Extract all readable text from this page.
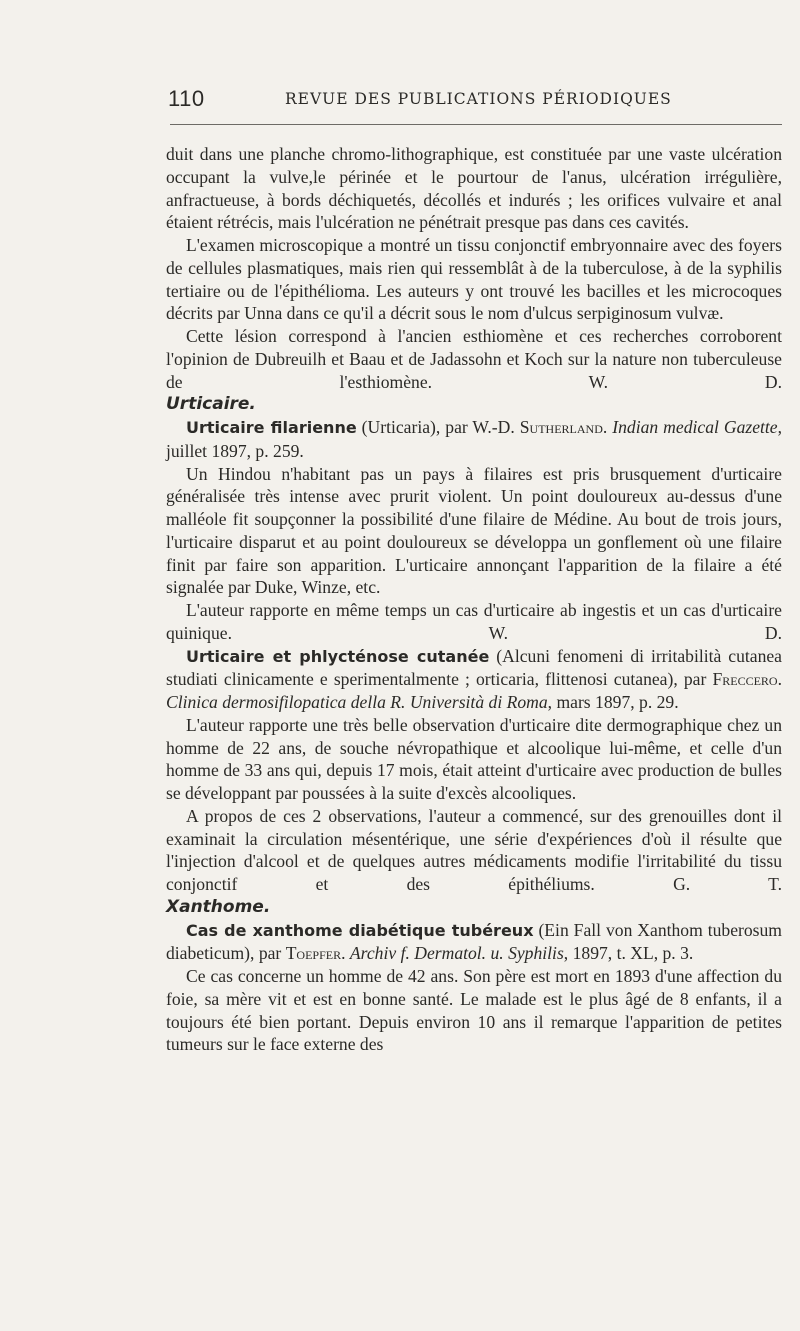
110	REVUE DES PUBLICATIONS PÉRIODIQUES

duit dans une planche chromo-lithographique, est constituée par une vaste ulcération occupant la vulve,le périnée et le pourtour de l'anus, ulcération irrégulière, anfractueuse, à bords déchiquetés, décollés et indurés ; les orifices vulvaire et anal étaient rétrécis, mais l'ulcération ne pénétrait presque pas dans ces cavités.

L'examen microscopique a montré un tissu conjonctif embryonnaire avec des foyers de cellules plasmatiques, mais rien qui ressemblât à de la tuberculose, à de la syphilis tertiaire ou de l'épithélioma. Les auteurs y ont trouvé les bacilles et les microcoques décrits par Unna dans ce qu'il a décrit sous le nom d'ulcus serpiginosum vulvæ.

Cette lésion correspond à l'ancien esthiomène et ces recherches corroborent l'opinion de Dubreuilh et Baau et de Jadassohn et Koch sur la nature non tuberculeuse de l'esthiomène.	W. D.

Urticaire.

Urticaire filarienne (Urticaria), par W.-D. Sutherland. Indian medical Gazette, juillet 1897, p. 259.

Un Hindou n'habitant pas un pays à filaires est pris brusquement d'urticaire généralisée très intense avec prurit violent. Un point douloureux au-dessus d'une malléole fit soupçonner la possibilité d'une filaire de Médine. Au bout de trois jours, l'urticaire disparut et au point douloureux se développa un gonflement où une filaire finit par faire son apparition. L'urticaire annonçant l'apparition de la filaire a été signalée par Duke, Winze, etc.

L'auteur rapporte en même temps un cas d'urticaire ab ingestis et un cas d'urticaire quinique.	W. D.

Urticaire et phlycténose cutanée (Alcuni fenomeni di irritabilità cutanea studiati clinicamente e sperimentalmente ; orticaria, flittenosi cutanea), par Freccero. Clinica dermosifilopatica della R. Università di Roma, mars 1897, p. 29.

L'auteur rapporte une très belle observation d'urticaire dite dermographique chez un homme de 22 ans, de souche névropathique et alcoolique lui-même, et celle d'un homme de 33 ans qui, depuis 17 mois, était atteint d'urticaire avec production de bulles se développant par poussées à la suite d'excès alcooliques.

A propos de ces 2 observations, l'auteur a commencé, sur des grenouilles dont il examinait la circulation mésentérique, une série d'expériences d'où il résulte que l'injection d'alcool et de quelques autres médicaments modifie l'irritabilité du tissu conjonctif et des épithéliums.	G. T.

Xanthome.

Cas de xanthome diabétique tubéreux (Ein Fall von Xanthom tuberosum diabeticum), par Toepfer. Archiv f. Dermatol. u. Syphilis, 1897, t. XL, p. 3.

Ce cas concerne un homme de 42 ans. Son père est mort en 1893 d'une affection du foie, sa mère vit et est en bonne santé. Le malade est le plus âgé de 8 enfants, il a toujours été bien portant. Depuis environ 10 ans il remarque l'apparition de petites tumeurs sur le face externe des
